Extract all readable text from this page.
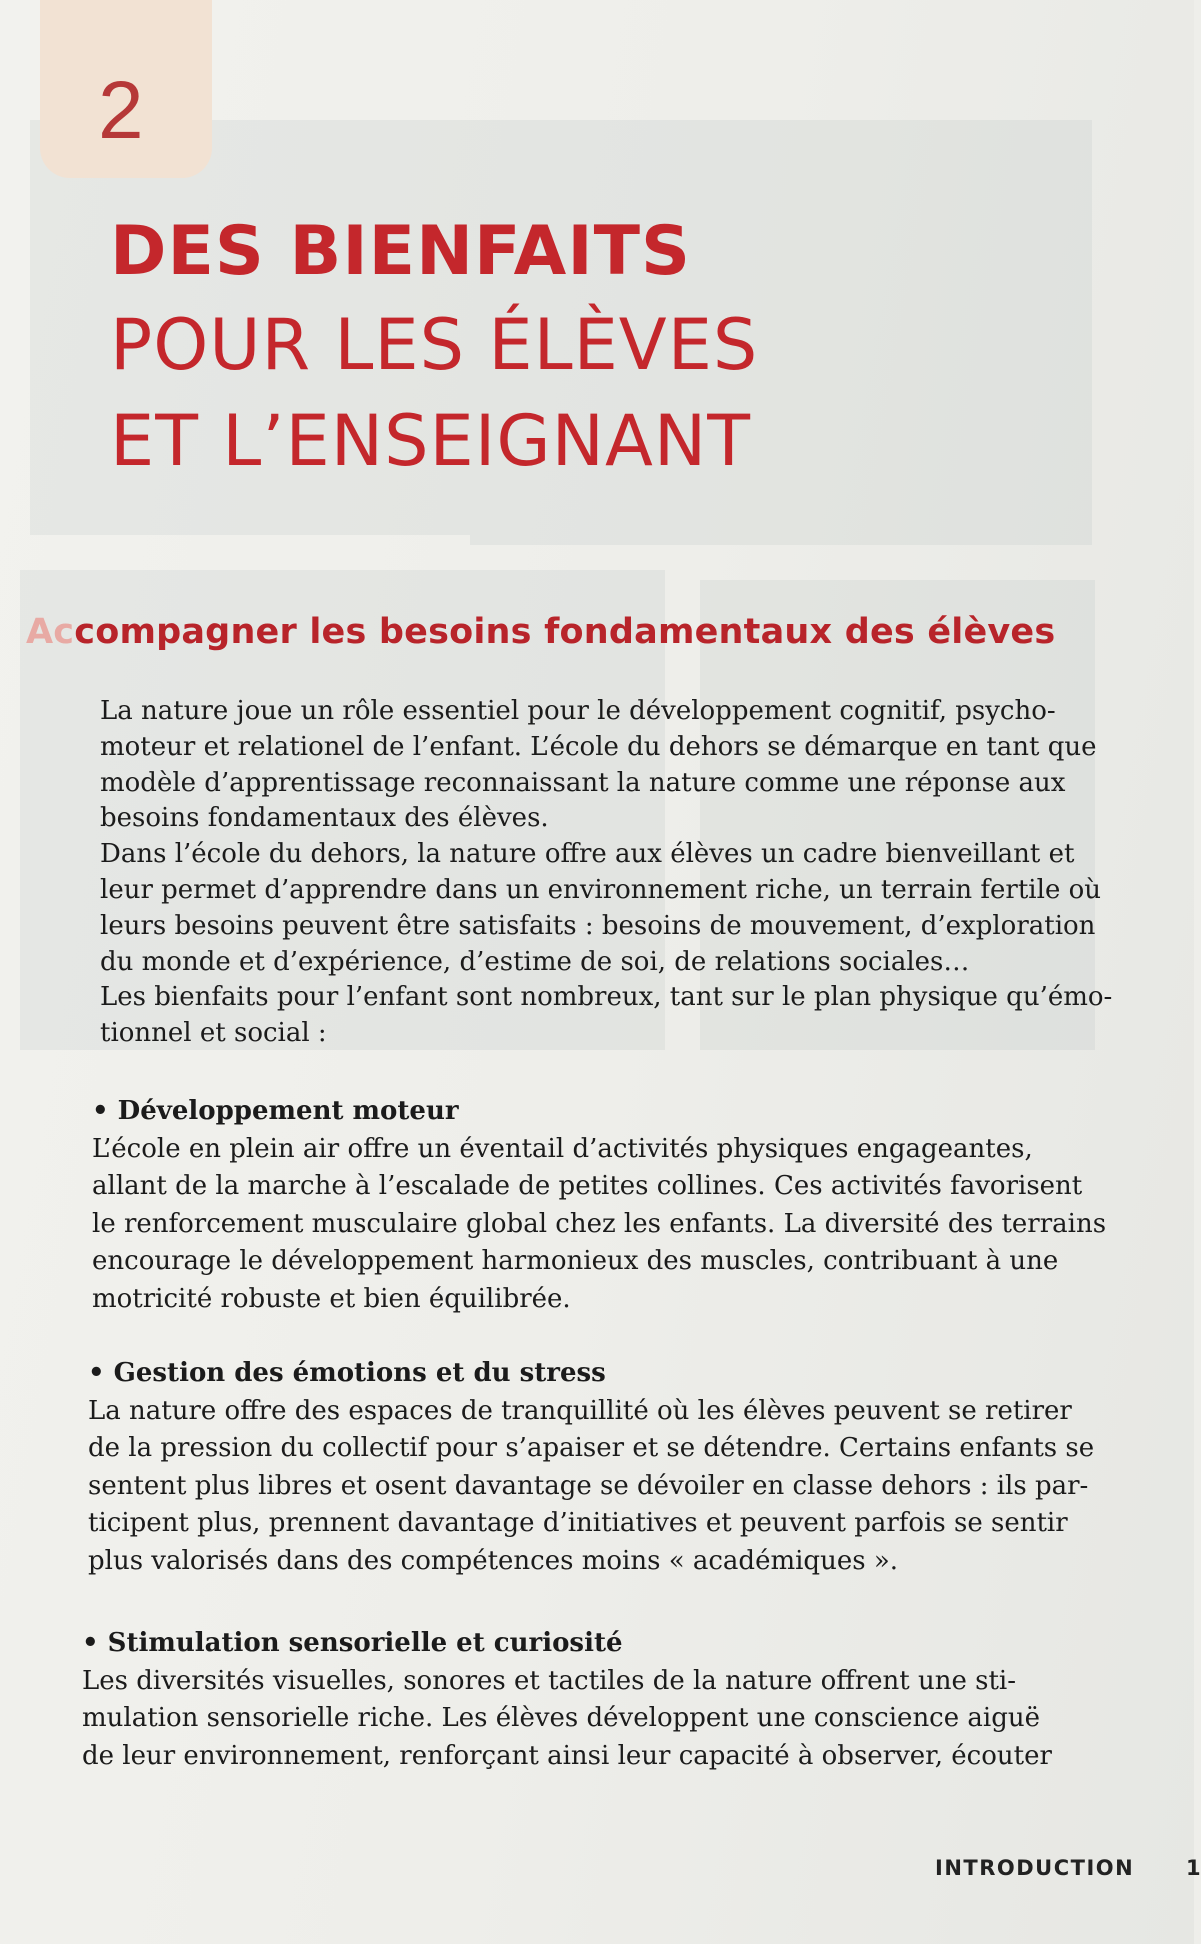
2
DES BIENFAITS
POUR LES ÉLÈVES
ET L’ENSEIGNANT
Accompagner les besoins fondamentaux des élèves

La nature joue un rôle essentiel pour le développement cognitif, psycho-

moteur et relationel de l’enfant. L’école du dehors se démarque en tant que

modèle d’apprentissage reconnaissant la nature comme une réponse aux

besoins fondamentaux des élèves.

Dans l’école du dehors, la nature offre aux élèves un cadre bienveillant et

leur permet d’apprendre dans un environnement riche, un terrain fertile où

leurs besoins peuvent être satisfaits : besoins de mouvement, d’exploration

du monde et d’expérience, d’estime de soi, de relations sociales…

Les bienfaits pour l’enfant sont nombreux, tant sur le plan physique qu’émo-

tionnel et social :

• Développement moteur

L’école en plein air offre un éventail d’activités physiques engageantes,

allant de la marche à l’escalade de petites collines. Ces activités favorisent

le renforcement musculaire global chez les enfants. La diversité des terrains

encourage le développement harmonieux des muscles, contribuant à une

motricité robuste et bien équilibrée.

• Gestion des émotions et du stress

La nature offre des espaces de tranquillité où les élèves peuvent se retirer

de la pression du collectif pour s’apaiser et se détendre. Certains enfants se

sentent plus libres et osent davantage se dévoiler en classe dehors : ils par-

ticipent plus, prennent davantage d’initiatives et peuvent parfois se sentir

plus valorisés dans des compétences moins « académiques ».

• Stimulation sensorielle et curiosité

Les diversités visuelles, sonores et tactiles de la nature offrent une sti-

mulation sensorielle riche. Les élèves développent une conscience aiguë

de leur environnement, renforçant ainsi leur capacité à observer, écouter

INTRODUCTION 1
